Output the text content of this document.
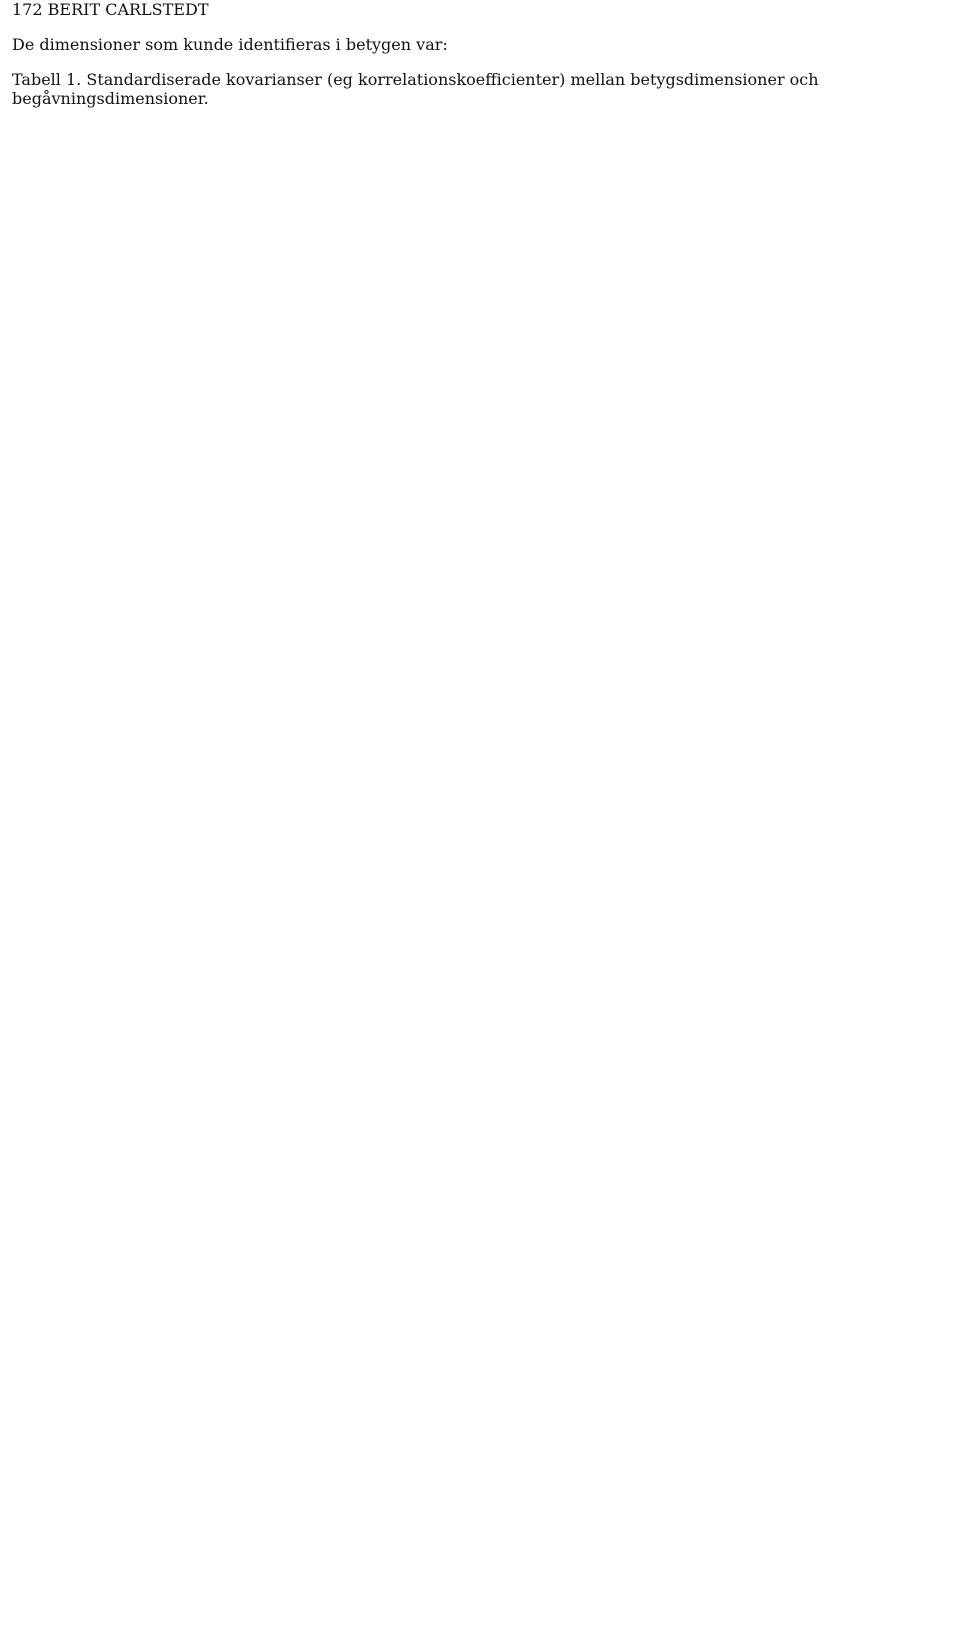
172 BERIT CARLSTEDT

De dimensioner som kunde identifieras i betygen var:

Tabell 1. Standardiserade kovarianser (eg korrelationskoefficienter) mellan betygsdimensioner och begåvningsdimensioner.
